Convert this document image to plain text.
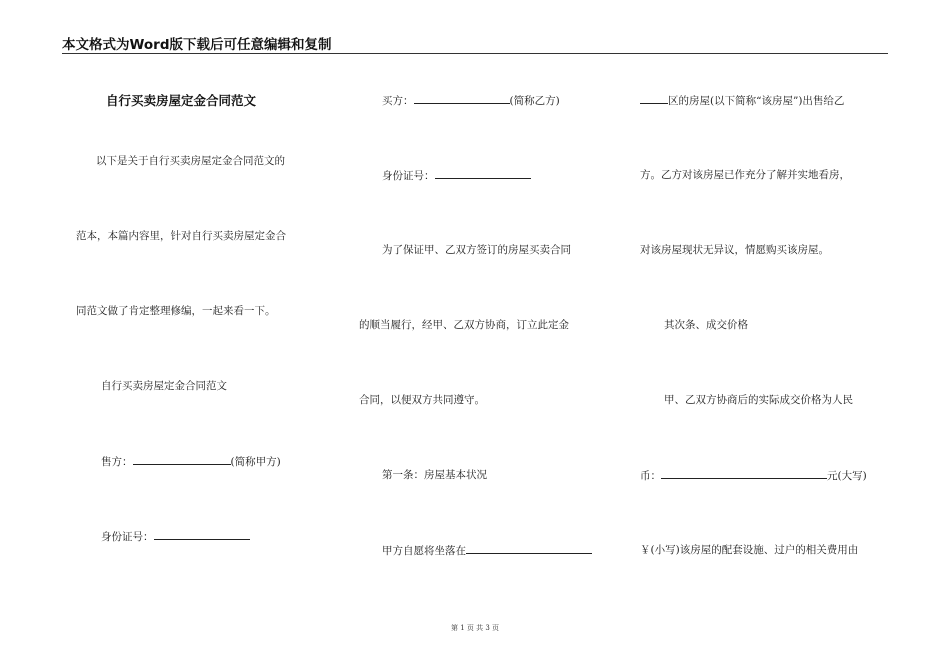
本文格式为Word版下载后可任意编辑和复制
自行买卖房屋定金合同范文
以下是关于自行买卖房屋定金合同范文的
范本，本篇内容里，针对自行买卖房屋定金合
同范文做了肯定整理修编，一起来看一下。
自行买卖房屋定金合同范文
售方：	(简称甲方)
身份证号：
买方：	(简称乙方)
身份证号：
为了保证甲、乙双方签订的房屋买卖合同
的顺当履行，经甲、乙双方协商，订立此定金
合同，以便双方共同遵守。
第一条：房屋基本状况
甲方自愿将坐落在
区的房屋(以下简称“该房屋”)出售给乙
方。乙方对该房屋已作充分了解并实地看房，
对该房屋现状无异议，情愿购买该房屋。
其次条、成交价格
甲、乙双方协商后的实际成交价格为人民
币：	元(大写)
￥(小写)该房屋的配套设施、过户的相关费用由
第 1 页 共 3 页
